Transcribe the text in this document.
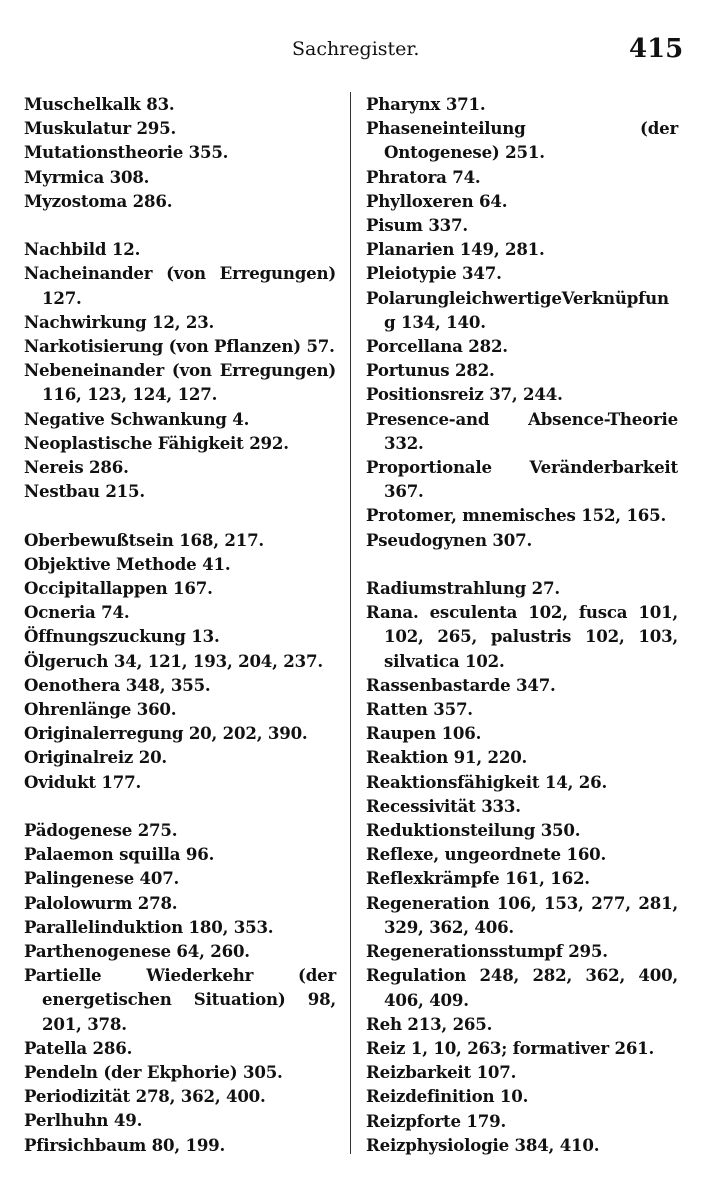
Sachregister.	415
Muschelkalk 83.
Muskulatur 295.
Mutationstheorie 355.
Myrmica 308.
Myzostoma 286.
Nachbild 12.
Nacheinander (von Erregungen) 127.
Nachwirkung 12, 23.
Narkotisierung (von Pflanzen) 57.
Nebeneinander (von Erregungen) 116, 123, 124, 127.
Negative Schwankung 4.
Neoplastische Fähigkeit 292.
Nereis 286.
Nestbau 215.
Oberbewußtsein 168, 217.
Objektive Methode 41.
Occipitallappen 167.
Ocneria 74.
Öffnungszuckung 13.
Ölgeruch 34, 121, 193, 204, 237.
Oenothera 348, 355.
Ohrenlänge 360.
Originalerregung 20, 202, 390.
Originalreiz 20.
Ovidukt 177.
Pädogenese 275.
Palaemon squilla 96.
Palingenese 407.
Palolowurm 278.
Parallelinduktion 180, 353.
Parthenogenese 64, 260.
Partielle Wiederkehr (der energetischen Situation) 98, 201, 378.
Patella 286.
Pendeln (der Ekphorie) 305.
Periodizität 278, 362, 400.
Perlhuhn 49.
Pfirsichbaum 80, 199.
Pharynx 371.
Phaseneinteilung (der Ontogenese) 251.
Phratora 74.
Phylloxeren 64.
Pisum 337.
Planarien 149, 281.
Pleiotypie 347.
PolarungleichwertigeVerknüpfung 134, 140.
Porcellana 282.
Portunus 282.
Positionsreiz 37, 244.
Presence-and Absence-Theorie 332.
Proportionale Veränderbarkeit 367.
Protomer, mnemisches 152, 165.
Pseudogynen 307.
Radiumstrahlung 27.
Rana. esculenta 102, fusca 101, 102, 265, palustris 102, 103, silvatica 102.
Rassenbastarde 347.
Ratten 357.
Raupen 106.
Reaktion 91, 220.
Reaktionsfähigkeit 14, 26.
Recessivität 333.
Reduktionsteilung 350.
Reflexe, ungeordnete 160.
Reflexkrämpfe 161, 162.
Regeneration 106, 153, 277, 281, 329, 362, 406.
Regenerationsstumpf 295.
Regulation 248, 282, 362, 400, 406, 409.
Reh 213, 265.
Reiz 1, 10, 263; formativer 261.
Reizbarkeit 107.
Reizdefinition 10.
Reizpforte 179.
Reizphysiologie 384, 410.
